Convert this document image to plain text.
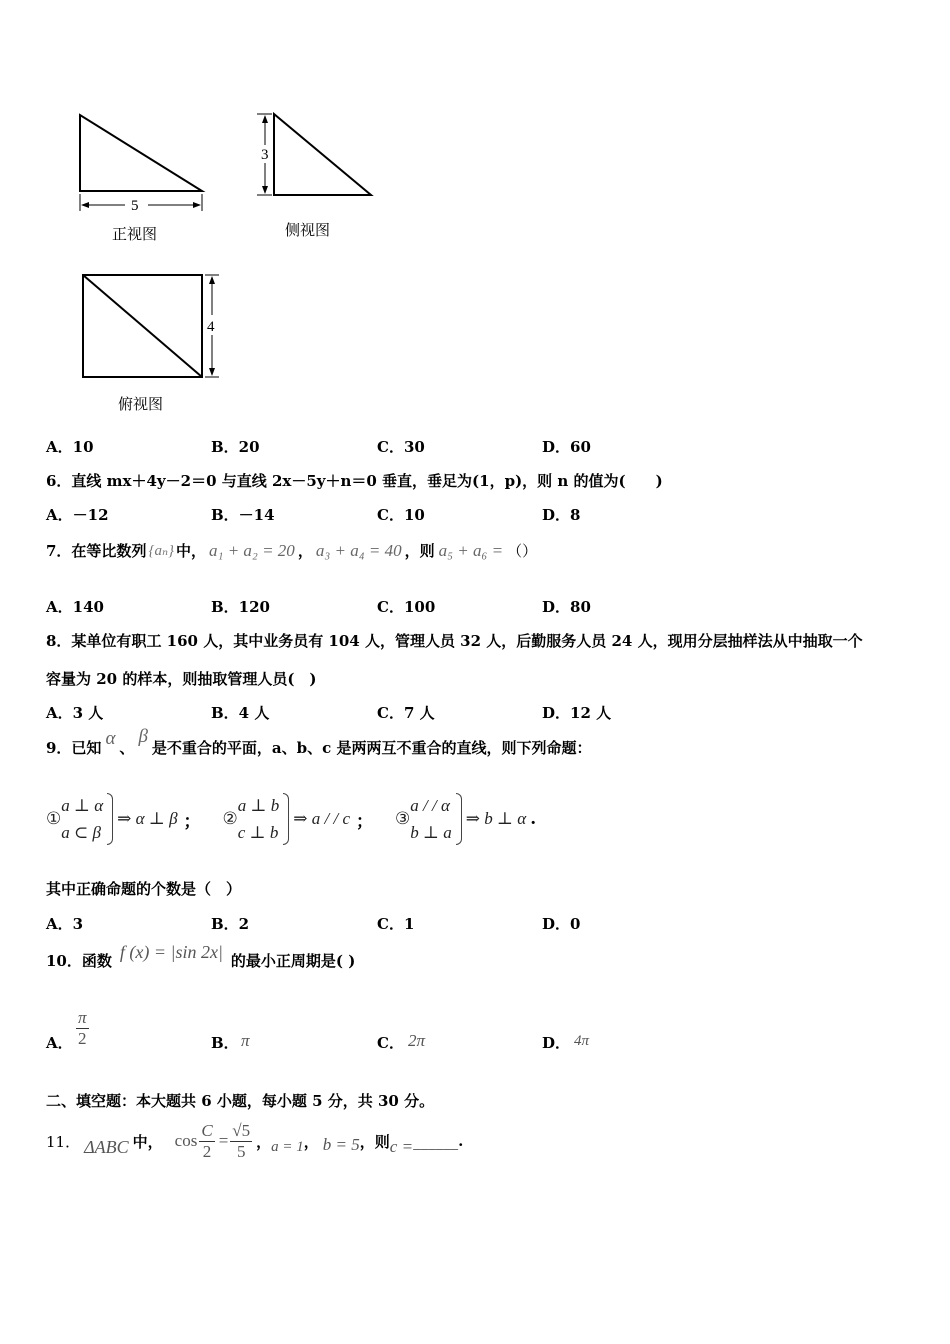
5
正视图
3
侧视图
4
俯视图
A．10	B．20	C．30	D．60
6．直线 mx＋4y－2＝0 与直线 2x－5y＋n＝0 垂直，垂足为(1，p)，则 n 的值为(　　)
A．－12	B．－14	C．10	D．8
7．在等比数列 {aₙ} 中， a₁ + a₂ = 20 ， a₃ + a₄ = 40 ，则 a₅ + a₆ = （）
A．140	B．120	C．100	D．80
8．某单位有职工 160 人，其中业务员有 104 人，管理人员 32 人，后勤服务人员 24 人，现用分层抽样法从中抽取一个
容量为 20 的样本，则抽取管理人员(　)
A．3 人	B．4 人	C．7 人	D．12 人
9．已知 α 、
β
是不重合的平面，a、b、c 是两两互不重合的直线，则下列命题：
①
a ⊥ α
a ⊂ β
⇒ α ⊥ β ； ②
a ⊥ b
c ⊥ b
⇒ a / / c ； ③
a / / α
b ⊥ a
⇒ b ⊥ α .
其中正确命题的个数是（　）
A．3	B．2	C．1	D．0
10．函数 f (x) = |sin 2x| 的最小正周期是( )
A． $\frac{\pi}{2}$	B． π	C． 2π	D． 4π
二、填空题：本大题共 6 小题，每小题 5 分，共 30 分。
11． ΔABC 中， $\cos \frac{C}{2} = \frac{√5}{5}$ ， a = 1 ， b = 5 ，则 c = ______ .
